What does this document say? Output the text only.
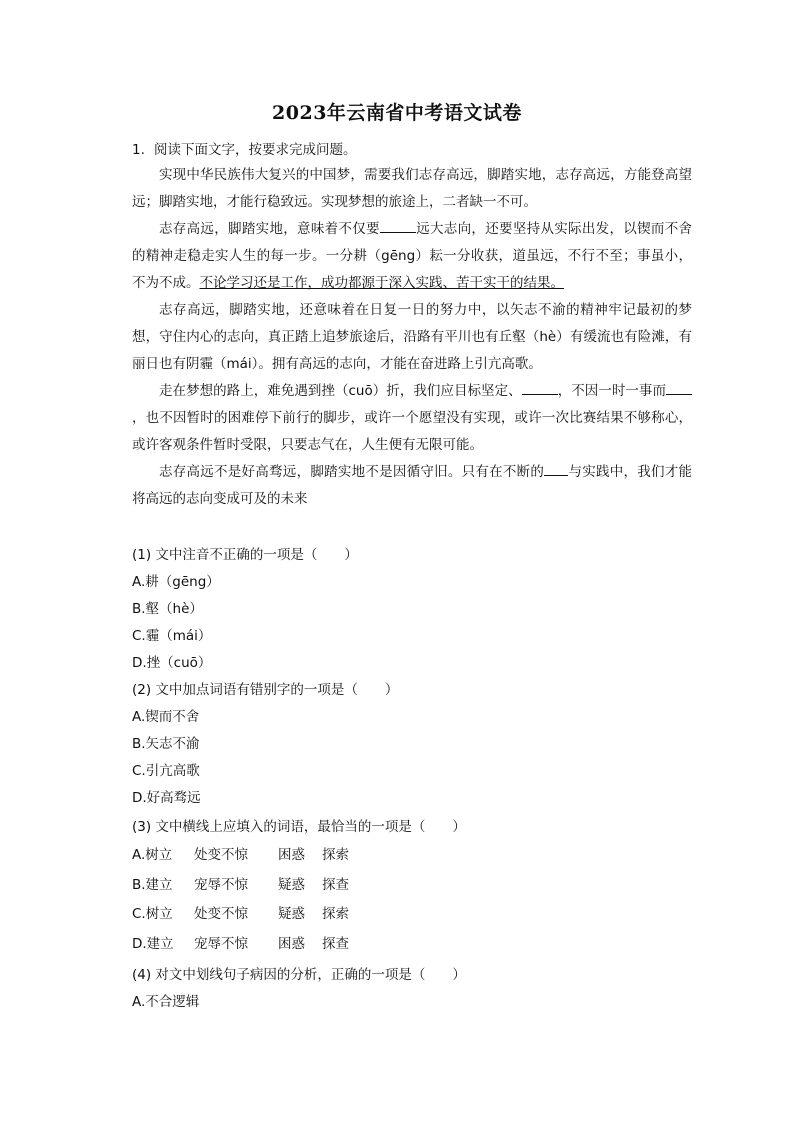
2023年云南省中考语文试卷
1. 阅读下面文字，按要求完成问题。

实现中华民族伟大复兴的中国梦，需要我们志存高远，脚踏实地，志存高远，方能登高望远；脚踏实地，才能行稳致远。实现梦想的旅途上，二者缺一不可。

志存高远，脚踏实地，意味着不仅要	远大志向，还要坚持从实际出发，以锲而不舍的精神走稳走实人生的每一步。一分耕（gēng）耘一分收获，道虽远，不行不至；事虽小，不为不成。不论学习还是工作，成功都源于深入实践、苦干实干的结果。

志存高远，脚踏实地，还意味着在日复一日的努力中，以矢志不渝的精神牢记最初的梦想，守住内心的志向，真正踏上追梦旅途后，沿路有平川也有丘壑（hè）有缓流也有险滩，有丽日也有阴霾（mái）。拥有高远的志向，才能在奋进路上引亢高歌。

走在梦想的路上，难免遇到挫（cuō）折，我们应目标坚定、	，不因一时一事而，也不因暂时的困难停下前行的脚步，或许一个愿望没有实现，或许一次比赛结果不够称心，或许客观条件暂时受限，只要志气在，人生便有无限可能。

志存高远不是好高骛远，脚踏实地不是因循守旧。只有在不断的 与实践中，我们才能将高远的志向变成可及的未来

(1) 文中注音不正确的一项是（　　）
A.耕（gēng）
B.壑（hè）
C.霾（mái）
D.挫（cuō）
(2) 文中加点词语有错别字的一项是（　　）
A.锲而不舍
B.矢志不渝
C.引亢高歌
D.好高骛远
(3) 文中横线上应填入的词语，最恰当的一项是（　　）
A.树立	处变不惊	困惑	探索
B.建立	宠辱不惊	疑惑	探查
C.树立	处变不惊	疑惑	探索
D.建立	宠辱不惊	困惑	探查
(4) 对文中划线句子病因的分析，正确的一项是（　　）
A.不合逻辑
